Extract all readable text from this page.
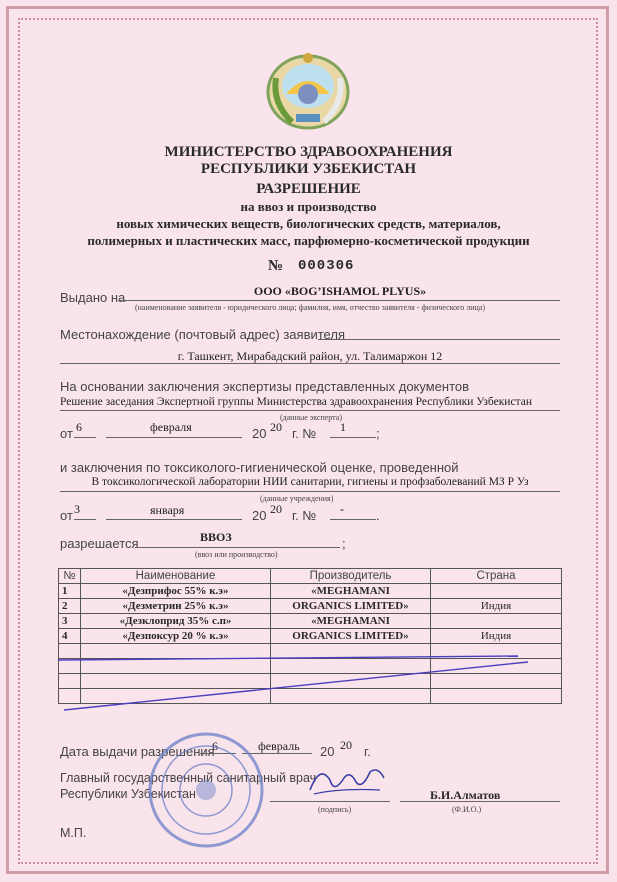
МИНИСТЕРСТВО ЗДРАВООХРАНЕНИЯ
РЕСПУБЛИКИ УЗБЕКИСТАН
РАЗРЕШЕНИЕ
на ввоз и производство
новых химических веществ, биологических средств, материалов,
полимерных и пластических масс, парфюмерно-косметической продукции
№ 000306
Выдано на	ООО «BOG’ISHAMOL PLYUS»
(наименование заявителя - юридического лица; фамилия, имя, отчество заявителя - физического лица)
Местонахождение (почтовый адрес) заявителя
г. Ташкент, Мирабадский район, ул. Талимаржон 12
На основании заключения экспертизы представленных документов
Решение заседания Экспертной группы Министерства здравоохранения Республики Узбекистан
(данные эксперта)
от 6	февраля	20 20 г. № 1 ;
и заключения по токсиколого-гигиенической оценке, проведенной
В токсикологической лаборатории НИИ санитарии, гигиены и профзаболеваний МЗ Р Уз
(данные учреждения)
от 3	января	20 20 г. № - .
разрешается	ВВОЗ
(ввоз или производство)
;
№	Наименование	Производитель	Страна
1	«Дезприфос 55% к.э»	«MEGHAMANI	
2	«Дезметрин 25% к.э»	ORGANICS LIMITED»	Индия
3	«Дезклоприд 35% с.п»	«MEGHAMANI	
4	«Дезпоксур 20 % к.э»	ORGANICS LIMITED»	Индия

Дата выдачи разрешения
6	февраль 20 20 г.
Главный государственный санитарный врач
Республики Узбекистан
(подпись)
Б.И.Алматов
(Ф.И.О.)
М.П.
